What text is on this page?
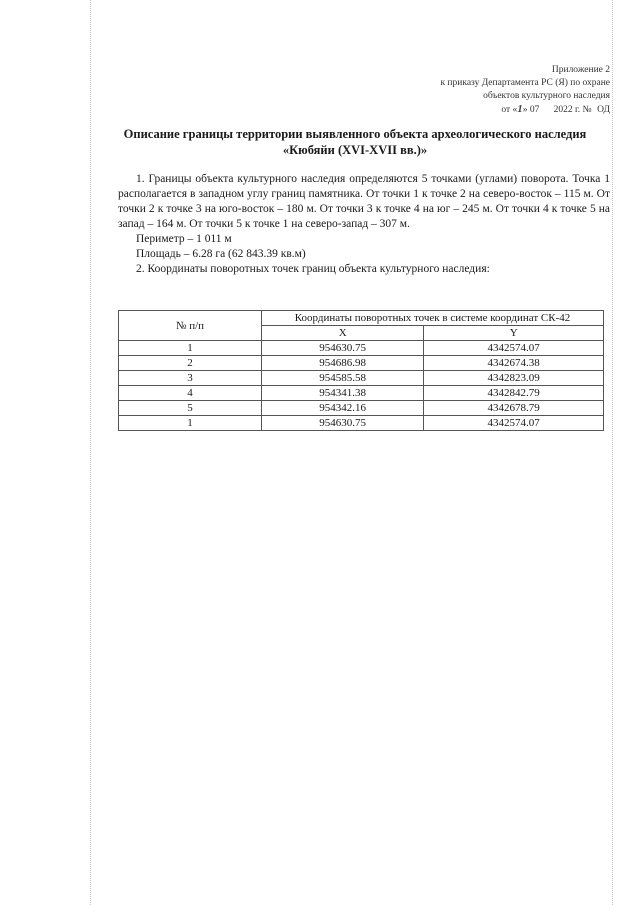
Приложение 2
к приказу Департамента РС (Я) по охране
объектов культурного наследия
от «1» 07 2022 г. № ОД
Описание границы территории выявленного объекта археологического наследия
«Кюбяйи (XVI-XVII вв.)»

1. Границы объекта культурного наследия определяются 5 точками (углами) поворота. Точка 1 располагается в западном углу границ памятника. От точки 1 к точке 2 на северо-восток – 115 м. От точки 2 к точке 3 на юго-восток – 180 м. От точки 3 к точке 4 на юг – 245 м. От точки 4 к точке 5 на запад – 164 м. От точки 5 к точке 1 на северо-запад – 307 м.

Периметр – 1 011 м

Площадь – 6.28 га (62 843.39 кв.м)

2. Координаты поворотных точек границ объекта культурного наследия:

№ п/п	Координаты поворотных точек в системе координат СК-42	
	X	Y
1	954630.75	4342574.07
2	954686.98	4342674.38
3	954585.58	4342823.09
4	954341.38	4342842.79
5	954342.16	4342678.79
1	954630.75	4342574.07
